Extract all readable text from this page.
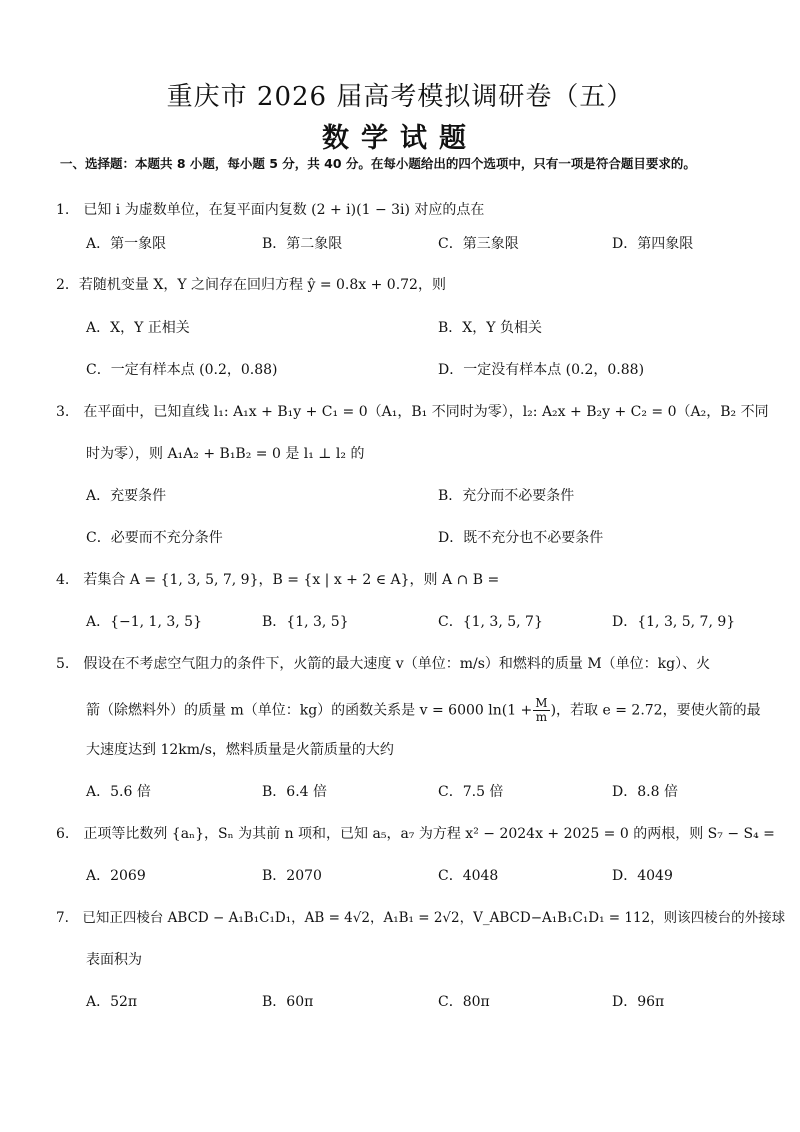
重庆市 2026 届高考模拟调研卷（五）
数学试题
一、选择题：本题共 8 小题，每小题 5 分，共 40 分。在每小题给出的四个选项中，只有一项是符合题目要求的。
1.　已知 i 为虚数单位，在复平面内复数 (2 + i)(1 − 3i) 对应的点在
A．第一象限	B．第二象限	C．第三象限	D．第四象限
2．若随机变量 X，Y 之间存在回归方程 ŷ = 0.8x + 0.72，则
A．X，Y 正相关	B．X，Y 负相关
C．一定有样本点 (0.2，0.88)	D．一定没有样本点 (0.2，0.88)
3.　在平面中，已知直线 l₁: A₁x + B₁y + C₁ = 0（A₁，B₁ 不同时为零），l₂: A₂x + B₂y + C₂ = 0（A₂，B₂ 不同
时为零），则 A₁A₂ + B₁B₂ = 0 是 l₁ ⊥ l₂ 的
A．充要条件	B．充分而不必要条件
C．必要而不充分条件	D．既不充分也不必要条件
4.　若集合 A = {1, 3, 5, 7, 9}，B = {x | x + 2 ∈ A}，则 A ∩ B =
A．{−1, 1, 3, 5}	B．{1, 3, 5}	C．{1, 3, 5, 7}	D．{1, 3, 5, 7, 9}
5.　假设在不考虑空气阻力的条件下，火箭的最大速度 v（单位：m/s）和燃料的质量 M（单位：kg）、火
箭（除燃料外）的质量 m（单位：kg）的函数关系是 v = 6000 $\ln(1 + \frac{M}{m}$ )，若取 e = 2.72，要使火箭的最
大速度达到 12km/s，燃料质量是火箭质量的大约
A．5.6 倍	B．6.4 倍	C．7.5 倍	D．8.8 倍
6.　正项等比数列 {aₙ}，Sₙ 为其前 n 项和，已知 a₅，a₇ 为方程 x² − 2024x + 2025 = 0 的两根，则 S₇ − S₄ =
A．2069	B．2070	C．4048	D．4049
7.　已知正四棱台 ABCD − A₁B₁C₁D₁，AB = 4√2，A₁B₁ = 2√2，V_ABCD−A₁B₁C₁D₁ = 112，则该四棱台的外接球
表面积为
A．52π	B．60π	C．80π	D．96π
